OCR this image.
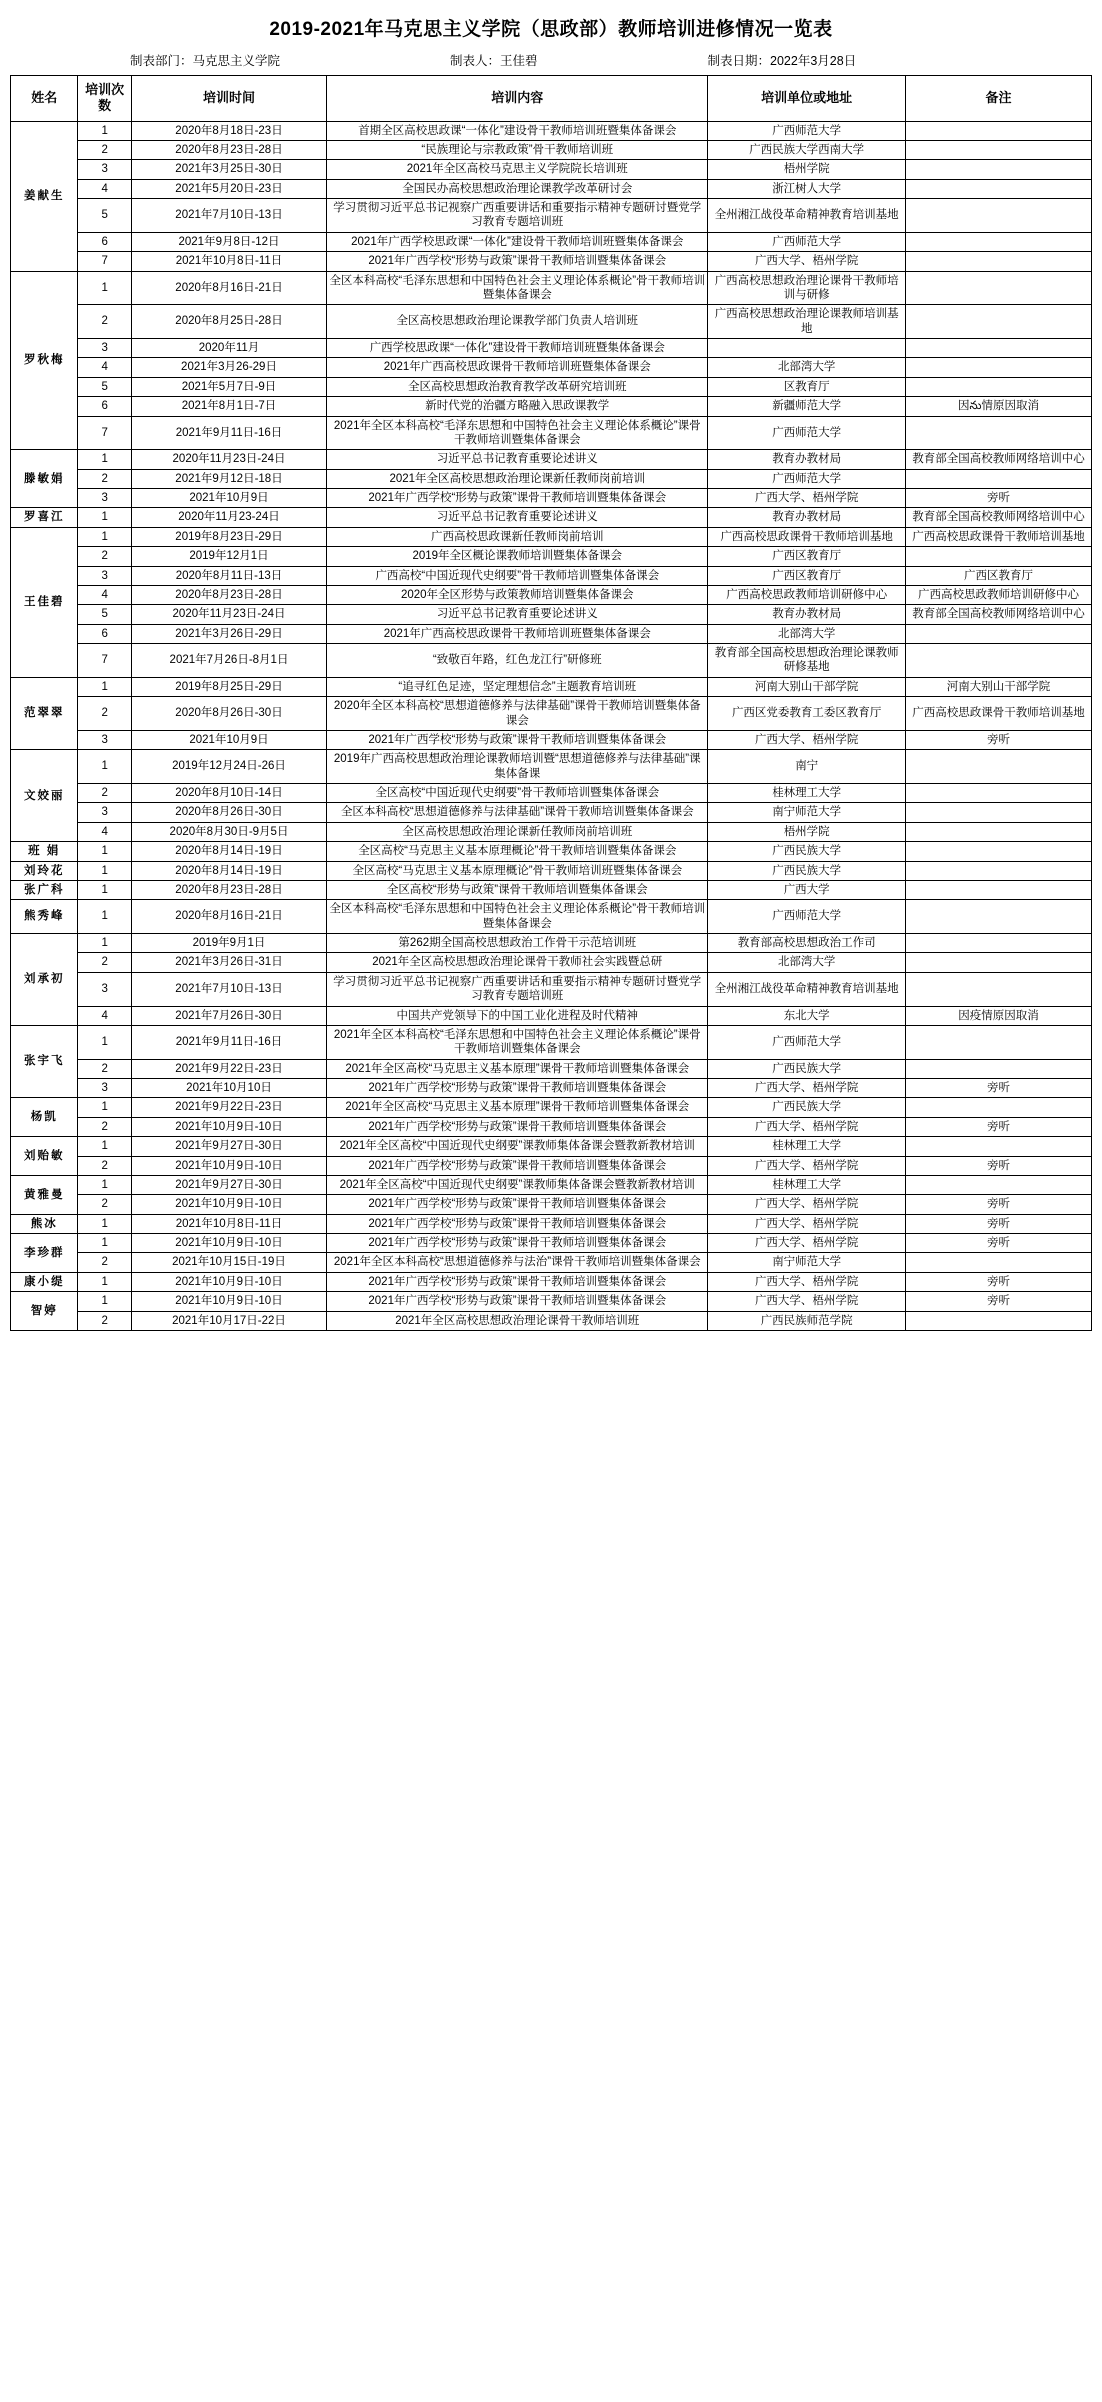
2019-2021年马克思主义学院（思政部）教师培训进修情况一览表
制表部门：马克思主义学院	制表人：王佳碧	制表日期：2022年3月28日
姓名	培训次数	培训时间	培训内容	培训单位或地址	备注
姜献生	1	2020年8月18日-23日	首期全区高校思政课“一体化”建设骨干教师培训班暨集体备课会	广西师范大学	
	2	2020年8月23日-28日	“民族理论与宗教政策”骨干教师培训班	广西民族大学西南大学	
	3	2021年3月25日-30日	2021年全区高校马克思主义学院院长培训班	梧州学院	
	4	2021年5月20日-23日	全国民办高校思想政治理论课教学改革研讨会	浙江树人大学	
	5	2021年7月10日-13日	学习贯彻习近平总书记视察广西重要讲话和重要指示精神专题研讨暨党学习教育专题培训班	全州湘江战役革命精神教育培训基地	
	6	2021年9月8日-12日	2021年广西学校思政课“一体化”建设骨干教师培训班暨集体备课会	广西师范大学	
	7	2021年10月8日-11日	2021年广西学校“形势与政策”课骨干教师培训暨集体备课会	广西大学、梧州学院	
罗秋梅	1	2020年8月16日-21日	全区本科高校“毛泽东思想和中国特色社会主义理论体系概论”骨干教师培训暨集体备课会	广西高校思想政治理论课骨干教师培训与研修	
	2	2020年8月25日-28日	全区高校思想政治理论课教学部门负责人培训班	广西高校思想政治理论课教师培训基地	
	3	2020年11月	广西学校思政课“一体化”建设骨干教师培训班暨集体备课会		
	4	2021年3月26-29日	2021年广西高校思政课骨干教师培训班暨集体备课会	北部湾大学	
	5	2021年5月7日-9日	全区高校思想政治教育教学改革研究培训班	区教育厅	
	6	2021年8月1日-7日	新时代党的治疆方略融入思政课教学	新疆师范大学	因ను情原因取消
	7	2021年9月11日-16日	2021年全区本科高校“毛泽东思想和中国特色社会主义理论体系概论”课骨干教师培训暨集体备课会	广西师范大学	
滕敏娟	1	2020年11月23日-24日	习近平总书记教育重要论述讲义	教育办教材局	教育部全国高校教师网络培训中心
	2	2021年9月12日-18日	2021年全区高校思想政治理论课新任教师岗前培训	广西师范大学	
	3	2021年10月9日	2021年广西学校“形势与政策”课骨干教师培训暨集体备课会	广西大学、梧州学院	旁听
罗喜江	1	2020年11月23-24日	习近平总书记教育重要论述讲义	教育办教材局	教育部全国高校教师网络培训中心
王佳碧	1	2019年8月23日-29日	广西高校思政课新任教师岗前培训	广西高校思政课骨干教师培训基地	广西高校思政课骨干教师培训基地
	2	2019年12月1日	2019年全区概论课教师培训暨集体备课会	广西区教育厅	
	3	2020年8月11日-13日	广西高校“中国近现代史纲要”骨干教师培训暨集体备课会	广西区教育厅	广西区教育厅
	4	2020年8月23日-28日	2020年全区形势与政策教师培训暨集体备课会	广西高校思政教师培训研修中心	广西高校思政教师培训研修中心
	5	2020年11月23日-24日	习近平总书记教育重要论述讲义	教育办教材局	教育部全国高校教师网络培训中心
	6	2021年3月26日-29日	2021年广西高校思政课骨干教师培训班暨集体备课会	北部湾大学	
	7	2021年7月26日-8月1日	“致敬百年路，红色龙江行”研修班	教育部全国高校思想政治理论课教师研修基地	
范翠翠	1	2019年8月25日-29日	“追寻红色足迹，坚定理想信念”主题教育培训班	河南大别山干部学院	河南大别山干部学院
	2	2020年8月26日-30日	2020年全区本科高校“思想道德修养与法律基础”课骨干教师培训暨集体备课会	广西区党委教育工委区教育厅	广西高校思政课骨干教师培训基地
	3	2021年10月9日	2021年广西学校“形势与政策”课骨干教师培训暨集体备课会	广西大学、梧州学院	旁听
文姣丽	1	2019年12月24日-26日	2019年广西高校思想政治理论课教师培训暨“思想道德修养与法律基础”课集体备课	南宁	
	2	2020年8月10日-14日	全区高校“中国近现代史纲要”骨干教师培训暨集体备课会	桂林理工大学	
	3	2020年8月26日-30日	全区本科高校“思想道德修养与法律基础”课骨干教师培训暨集体备课会	南宁师范大学	
	4	2020年8月30日-9月5日	全区高校思想政治理论课新任教师岗前培训班	梧州学院	
班 娟	1	2020年8月14日-19日	全区高校“马克思主义基本原理概论”骨干教师培训暨集体备课会	广西民族大学	
刘玲花	1	2020年8月14日-19日	全区高校“马克思主义基本原理概论”骨干教师培训班暨集体备课会	广西民族大学	
张广科	1	2020年8月23日-28日	全区高校“形势与政策”课骨干教师培训暨集体备课会	广西大学	
熊秀峰	1	2020年8月16日-21日	全区本科高校“毛泽东思想和中国特色社会主义理论体系概论”骨干教师培训暨集体备课会	广西师范大学	
刘承初	1	2019年9月1日	第262期全国高校思想政治工作骨干示范培训班	教育部高校思想政治工作司	
	2	2021年3月26日-31日	2021年全区高校思想政治理论课骨干教师社会实践暨总研	北部湾大学	
	3	2021年7月10日-13日	学习贯彻习近平总书记视察广西重要讲话和重要指示精神专题研讨暨党学习教育专题培训班	全州湘江战役革命精神教育培训基地	
	4	2021年7月26日-30日	中国共产党领导下的中国工业化进程及时代精神	东北大学	因疫情原因取消
张宇飞	1	2021年9月11日-16日	2021年全区本科高校“毛泽东思想和中国特色社会主义理论体系概论”课骨干教师培训暨集体备课会	广西师范大学	
	2	2021年9月22日-23日	2021年全区高校“马克思主义基本原理”课骨干教师培训暨集体备课会	广西民族大学	
	3	2021年10月10日	2021年广西学校“形势与政策”课骨干教师培训暨集体备课会	广西大学、梧州学院	旁听
杨凯	1	2021年9月22日-23日	2021年全区高校“马克思主义基本原理”课骨干教师培训暨集体备课会	广西民族大学	
	2	2021年10月9日-10日	2021年广西学校“形势与政策”课骨干教师培训暨集体备课会	广西大学、梧州学院	旁听
刘贻敏	1	2021年9月27日-30日	2021年全区高校“中国近现代史纲要”课教师集体备课会暨教新教材培训	桂林理工大学	
	2	2021年10月9日-10日	2021年广西学校“形势与政策”课骨干教师培训暨集体备课会	广西大学、梧州学院	旁听
黄雅曼	1	2021年9月27日-30日	2021年全区高校“中国近现代史纲要”课教师集体备课会暨教新教材培训	桂林理工大学	
	2	2021年10月9日-10日	2021年广西学校“形势与政策”课骨干教师培训暨集体备课会	广西大学、梧州学院	旁听
熊冰	1	2021年10月8日-11日	2021年广西学校“形势与政策”课骨干教师培训暨集体备课会	广西大学、梧州学院	旁听
李珍群	1	2021年10月9日-10日	2021年广西学校“形势与政策”课骨干教师培训暨集体备课会	广西大学、梧州学院	旁听
	2	2021年10月15日-19日	2021年全区本科高校“思想道德修养与法治”课骨干教师培训暨集体备课会	南宁师范大学	
康小缇	1	2021年10月9日-10日	2021年广西学校“形势与政策”课骨干教师培训暨集体备课会	广西大学、梧州学院	旁听
智婷	1	2021年10月9日-10日	2021年广西学校“形势与政策”课骨干教师培训暨集体备课会	广西大学、梧州学院	旁听
	2	2021年10月17日-22日	2021年全区高校思想政治理论课骨干教师培训班	广西民族师范学院	
